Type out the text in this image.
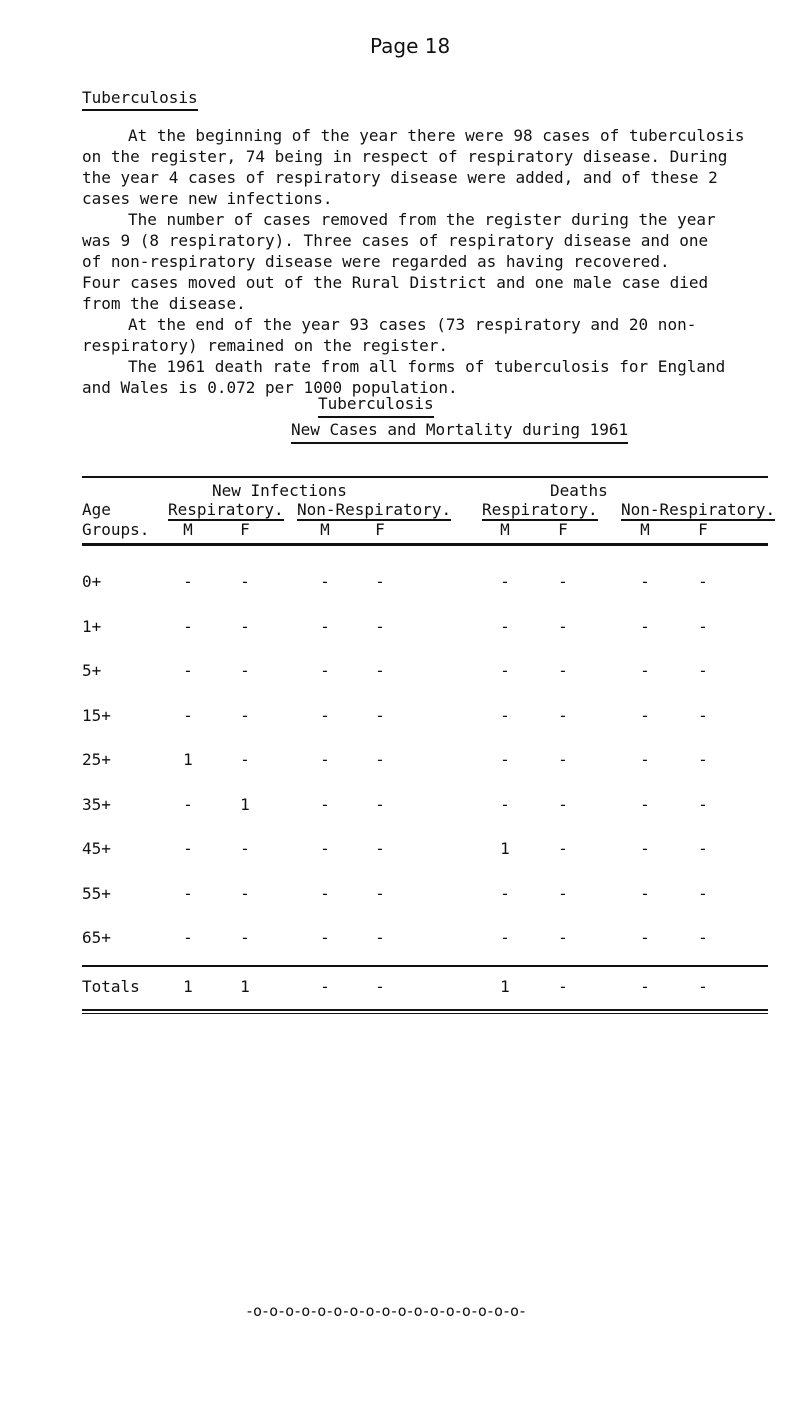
Page 18
Tuberculosis
At the beginning of the year there were 98 cases of tuberculosis
on the register, 74 being in respect of respiratory disease. During
the year 4 cases of respiratory disease were added, and of these 2
cases were new infections.
The number of cases removed from the register during the year
was 9 (8 respiratory). Three cases of respiratory disease and one
of non-respiratory disease were regarded as having recovered.
Four cases moved out of the Rural District and one male case died
from the disease.
At the end of the year 93 cases (73 respiratory and 20 non-
respiratory) remained on the register.
The 1961 death rate from all forms of tuberculosis for England
and Wales is 0.072 per 1000 population.
Tuberculosis
New Cases and Mortality during 1961
New Infections	Deaths
Age
Groups.
Respiratory. Non-Respiratory. Respiratory. Non-Respiratory.
M	F	M	F	M	F	M	F
0+	-	-	-	-	-	-	-	-
1+	-	-	-	-	-	-	-	-
5+	-	-	-	-	-	-	-	-
15+	-	-	-	-	-	-	-	-
25+	1	-	-	-	-	-	-	-
35+	-	1	-	-	-	-	-	-
45+	-	-	-	-	1	-	-	-
55+	-	-	-	-	-	-	-	-
65+	-	-	-	-	-	-	-	-
Totals	1	1	-	-	1	-	-	-
-o-o-o-o-o-o-o-o-o-o-o-o-o-o-o-o-o-
